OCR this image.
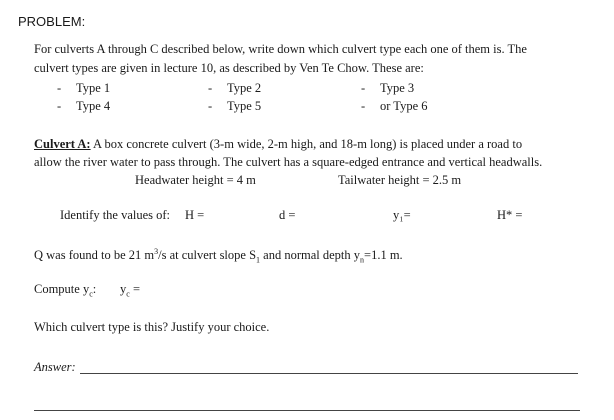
PROBLEM:
For culverts A through C described below, write down which culvert type each one of them is. The
culvert types are given in lecture 10, as described by Ven Te Chow. These are:
- Type 1	- Type 2	- Type 3
- Type 4	- Type 5	- or Type 6
Culvert A: A box concrete culvert (3-m wide, 2-m high, and 18-m long) is placed under a road to
allow the river water to pass through. The culvert has a square-edged entrance and vertical headwalls.
Headwater height = 4 m	Tailwater height = 2.5 m
Identify the values of: H =	d =	y₁=	H* =
Q was found to be 21 $m^3/s$ at culvert slope $S_1$ and normal depth $y_n=1.1$ m.
Compute $y_c$: $y_c$ =
Which culvert type is this? Justify your choice.
Answer:
